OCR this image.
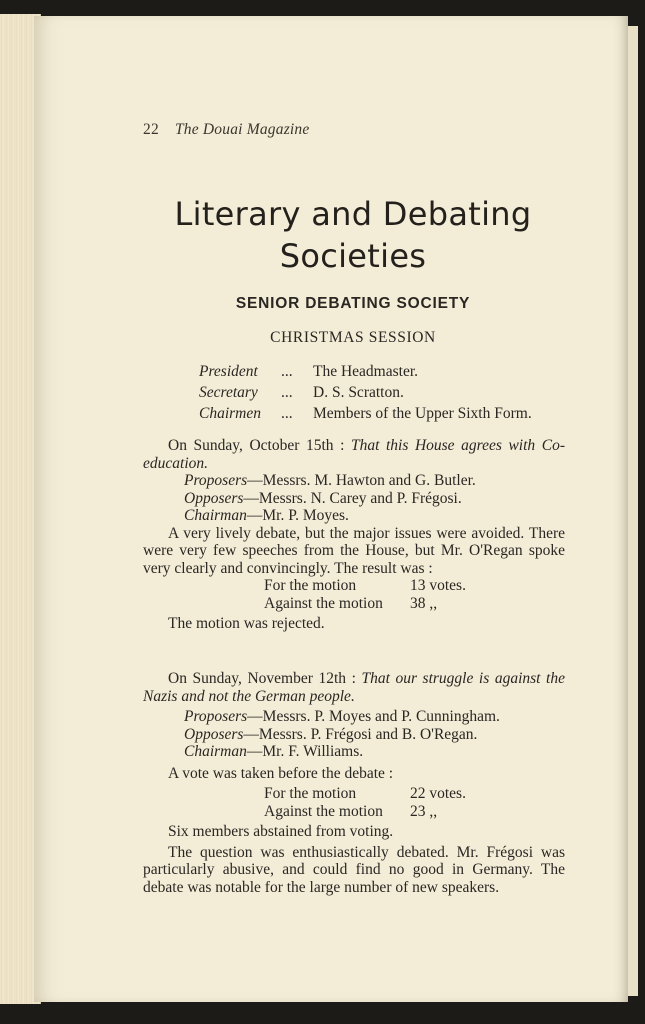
22 The Douai Magazine
Literary and Debating
Societies
SENIOR DEBATING SOCIETY
CHRISTMAS SESSION
President ... The Headmaster.
Secretary ... D. S. Scratton.
Chairmen ... Members of the Upper Sixth Form.

On Sunday, October 15th : That this House agrees with Co-education.

Proposers—Messrs. M. Hawton and G. Butler.
Opposers—Messrs. N. Carey and P. Frégosi.
Chairman—Mr. P. Moyes.

A very lively debate, but the major issues were avoided. There were very few speeches from the House, but Mr. O'Regan spoke very clearly and convincingly. The result was :

For the motion	13 votes.
Against the motion 38 ,,
The motion was rejected.

On Sunday, November 12th : That our struggle is against the Nazis and not the German people.

Proposers—Messrs. P. Moyes and P. Cunningham.
Opposers—Messrs. P. Frégosi and B. O'Regan.
Chairman—Mr. F. Williams.
A vote was taken before the debate :
For the motion	22 votes.
Against the motion 23 ,,
Six members abstained from voting.

The question was enthusiastically debated. Mr. Frégosi was particularly abusive, and could find no good in Germany. The debate was notable for the large number of new speakers.
